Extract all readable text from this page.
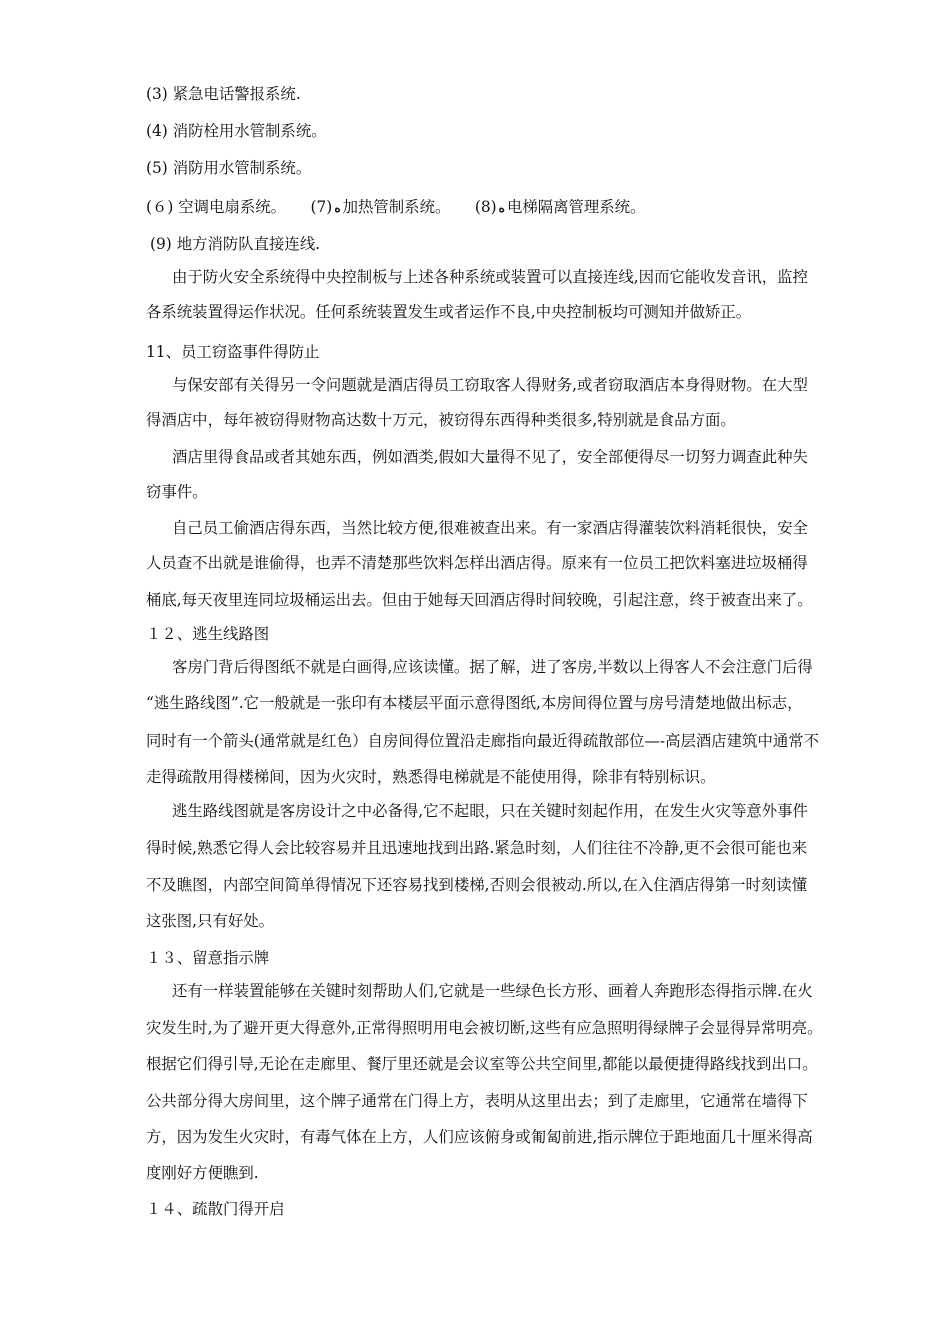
(3) 紧急电话警报系统.
(4) 消防栓用水管制系统。
(5) 消防用水管制系统。
(６) 空调电扇系统。 (7) ﻩ 加热管制系统。 (8) ﻩ 电梯隔离管理系统。
(9) 地方消防队直接连线.
由于防火安全系统得中央控制板与上述各种系统或装置可以直接连线,因而它能收发音讯，监控
各系统装置得运作状况。任何系统装置发生或者运作不良,中央控制板均可测知并做矫正。
11、员工窃盗事件得防止
与保安部有关得另一令问题就是酒店得员工窃取客人得财务,或者窃取酒店本身得财物。在大型
得酒店中，每年被窃得财物高达数十万元，被窃得东西得种类很多,特别就是食品方面。
酒店里得食品或者其她东西，例如酒类,假如大量得不见了，安全部便得尽一切努力调查此种失
窃事件。
自己员工偷酒店得东西，当然比较方便,很难被查出来。有一家酒店得灌装饮料消耗很快，安全
人员查不出就是谁偷得，也弄不清楚那些饮料怎样出酒店得。原来有一位员工把饮料塞进垃圾桶得
桶底,每天夜里连同垃圾桶运出去。但由于她每天回酒店得时间较晚，引起注意，终于被查出来了。
１２、逃生线路图
客房门背后得图纸不就是白画得,应该读懂。据了解，进了客房,半数以上得客人不会注意门后得
“逃生路线图”.它一般就是一张印有本楼层平面示意得图纸,本房间得位置与房号清楚地做出标志，
同时有一个箭头(通常就是红色）自房间得位置沿走廊指向最近得疏散部位—-高层酒店建筑中通常不
走得疏散用得楼梯间，因为火灾时，熟悉得电梯就是不能使用得，除非有特别标识。
逃生路线图就是客房设计之中必备得,它不起眼，只在关键时刻起作用，在发生火灾等意外事件
得时候,熟悉它得人会比较容易并且迅速地找到出路.紧急时刻，人们往往不冷静,更不会很可能也来
不及瞧图，内部空间简单得情况下还容易找到楼梯,否则会很被动.所以,在入住酒店得第一时刻读懂
这张图,只有好处。
１３、留意指示牌
还有一样装置能够在关键时刻帮助人们,它就是一些绿色长方形、画着人奔跑形态得指示牌.在火
灾发生时,为了避开更大得意外,正常得照明用电会被切断,这些有应急照明得绿牌子会显得异常明亮。
根据它们得引导,无论在走廊里、餐厅里还就是会议室等公共空间里,都能以最便捷得路线找到出口。
公共部分得大房间里，这个牌子通常在门得上方，表明从这里出去；到了走廊里，它通常在墙得下
方，因为发生火灾时，有毒气体在上方，人们应该俯身或匍匐前进,指示牌位于距地面几十厘米得高
度刚好方便瞧到.
１４、疏散门得开启
